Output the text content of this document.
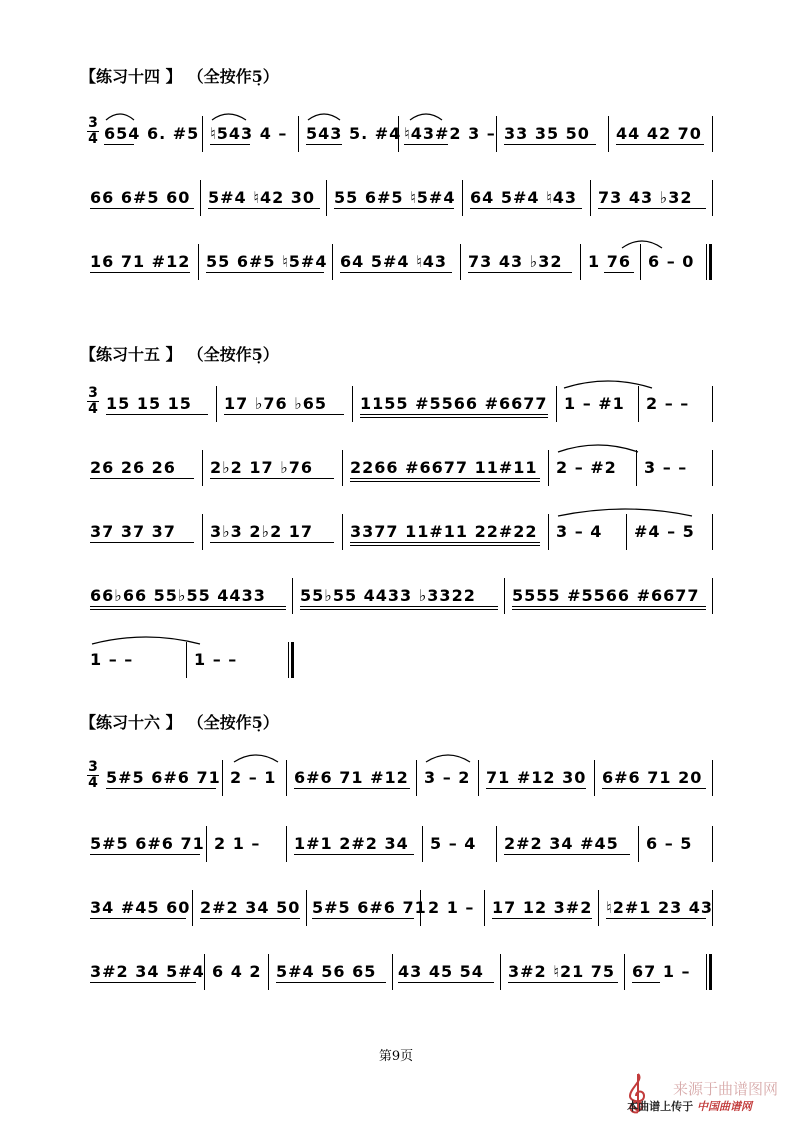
【练习十四 】 （全按作5̣）
3
4 654 6. #5 ♮543 4 – 543 5. #4 ♮43#2 3 – 33 35 50 44 42 70
66 6#5 60 5#4 ♮42 30 55 6#5 ♮5#4 64 5#4 ♮43 73 43 ♭32
16 71 #12 55 6#5 ♮5#4 64 5#4 ♮43 73 43 ♭32 1 76 6 – 0
【练习十五 】 （全按作5̣）
3
4 15 15 15 17 ♭76 ♭65 1155 #5566 #6677 1 – #1 2 – –
26 26 26 2♭2 17 ♭76 2266 #6677 11#11 2 – #2 3 – –
37 37 37 3♭3 2♭2 17 3377 11#11 22#22 3 – 4 #4 – 5
66♭66 55♭55 4433 55♭55 4433 ♭3322 5555 #5566 #6677
1 – –	1 – –
【练习十六 】 （全按作5̣）
3
4 5#5 6#6 71 2 – 1 6#6 71 #12 3 – 2 71 #12 30 6#6 71 20
5#5 6#6 71 2 1 – 1#1 2#2 34 5 – 4 2#2 34 #45 6 – 5
34 #45 60 2#2 34 50 5#5 6#6 71 2 1 – 17 12 3#2 ♮2#1 23 43
3#2 34 5#4 6 4 2 5#4 56 65 43 45 54 3#2 ♮21 75 67 1 –
第9页
来源于曲谱图网
本曲谱上传于 中国曲谱网
